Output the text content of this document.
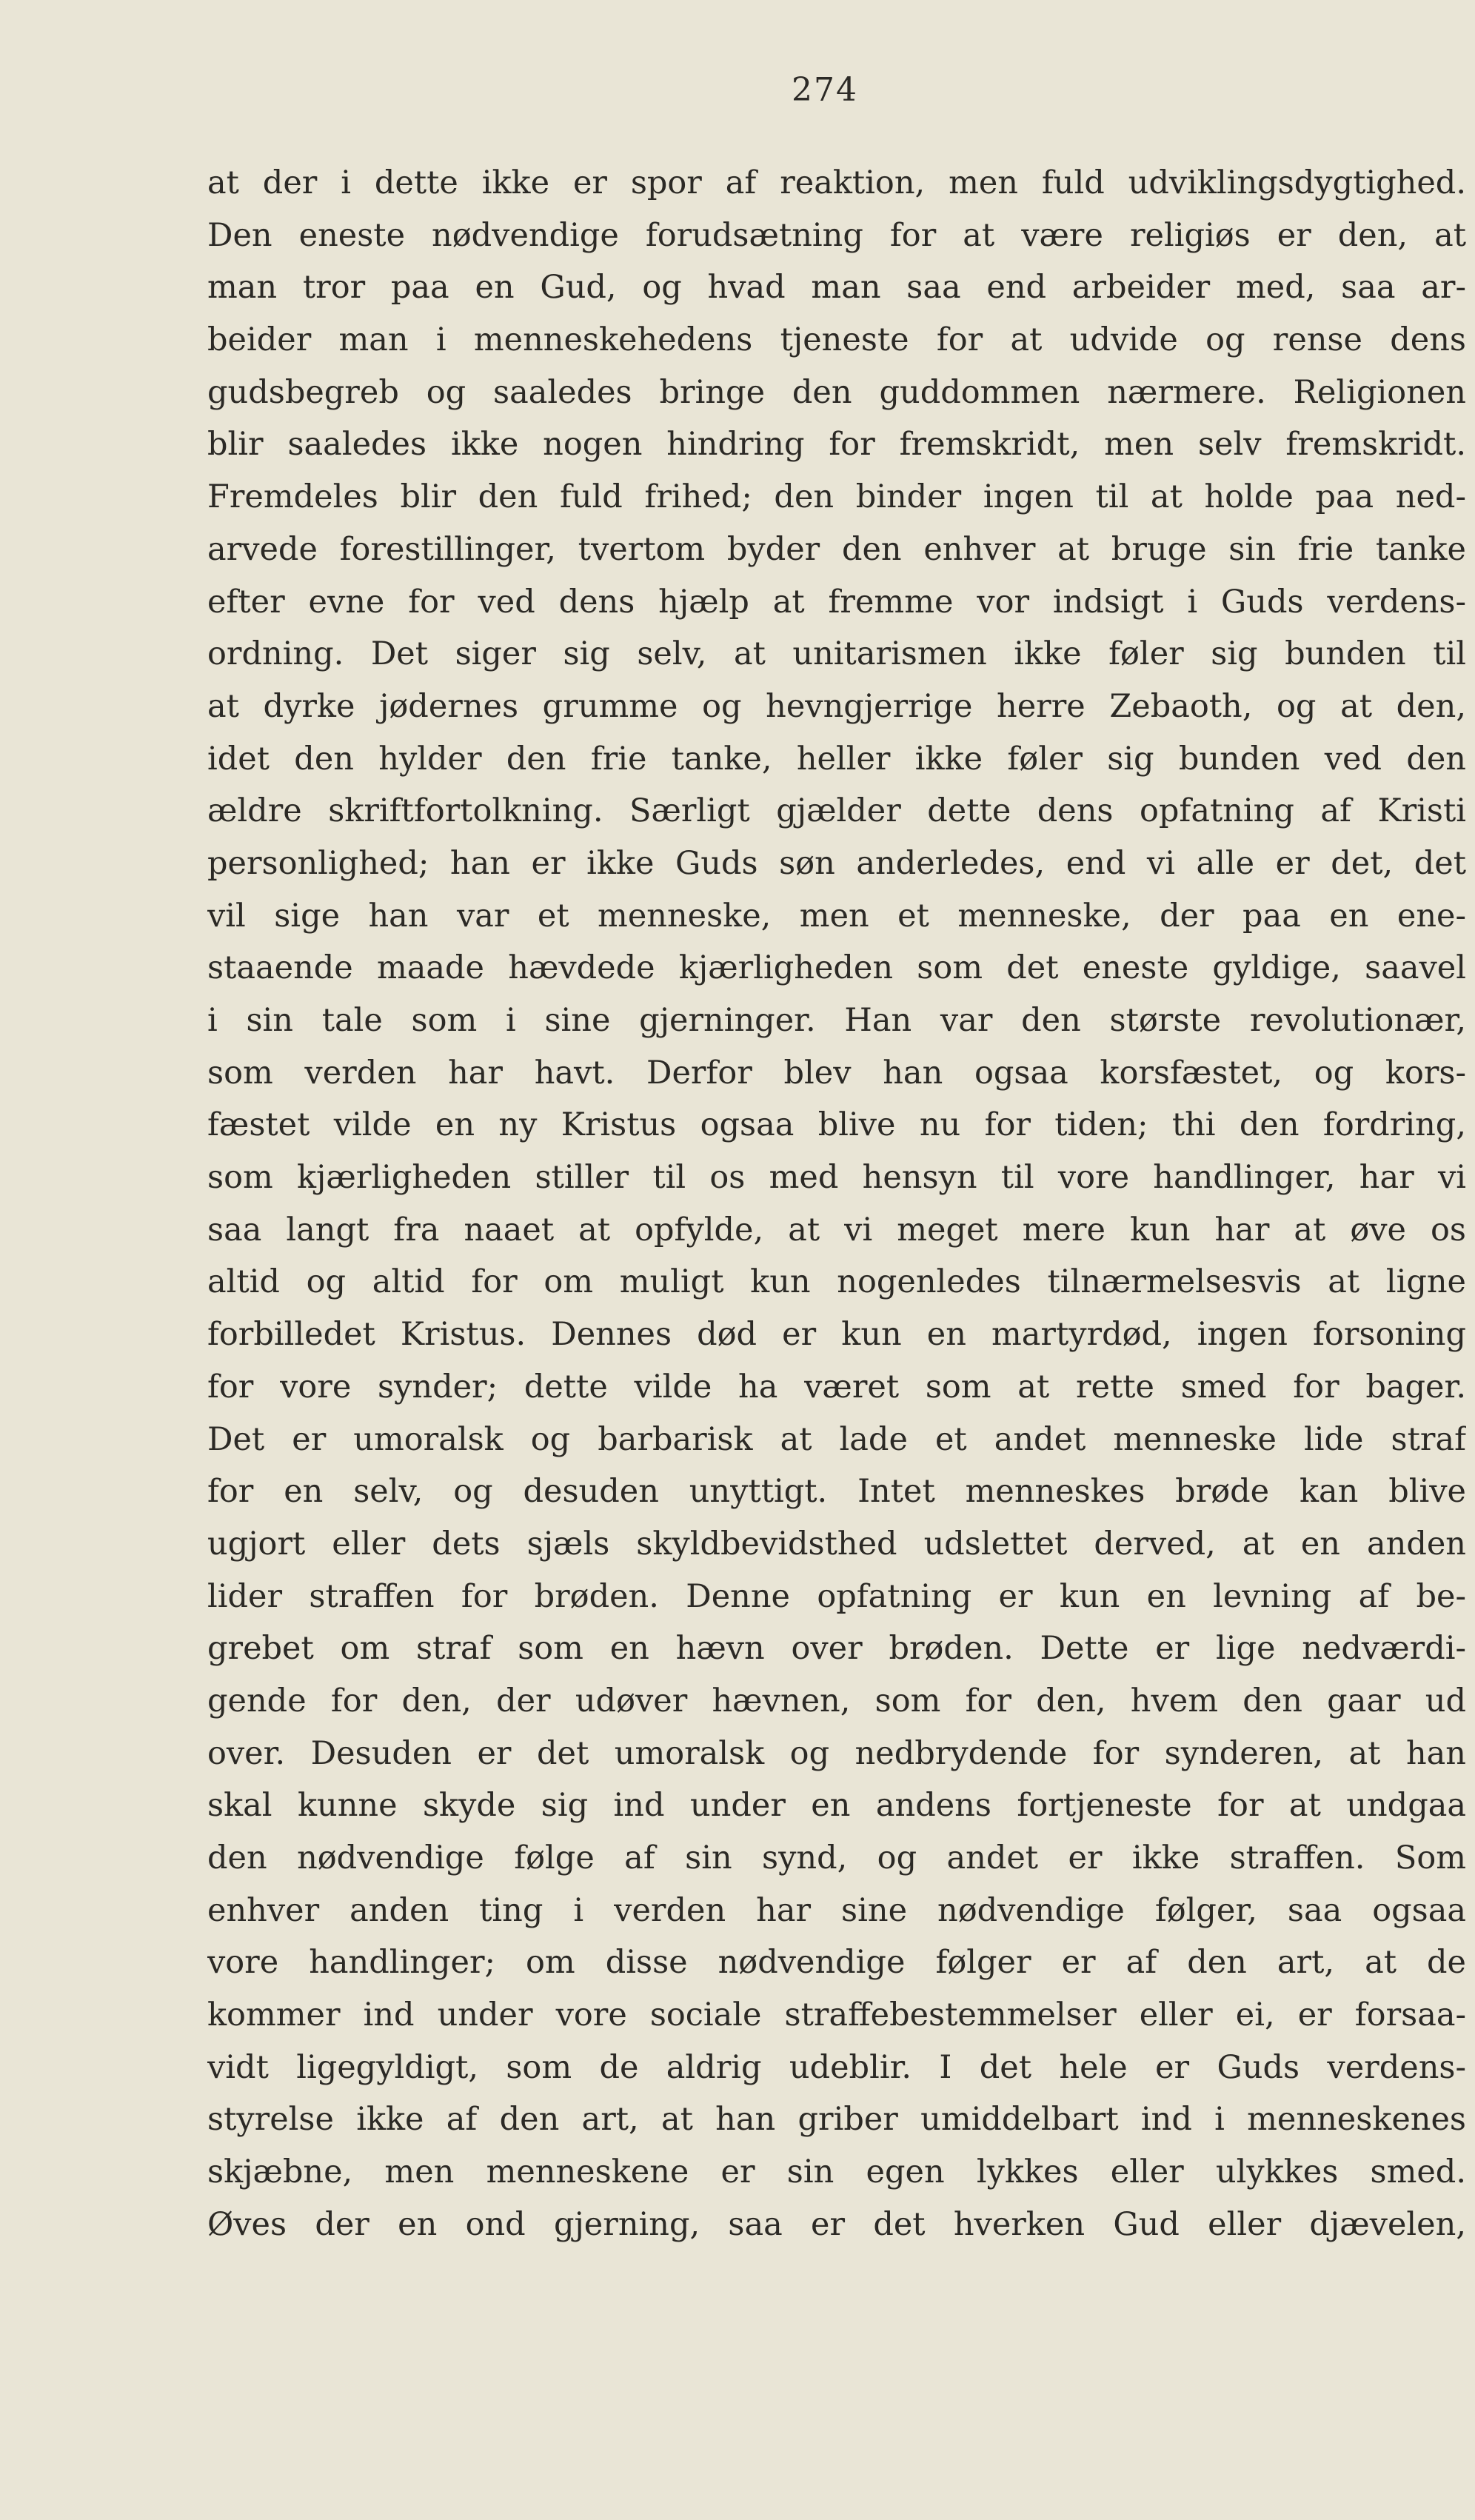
274
at der i dette ikke er spor af reaktion, men fuld udviklingsdygtighed.
Den eneste nødvendige forudsætning for at være religiøs er den, at
man tror paa en Gud, og hvad man saa end arbeider med, saa ar-
beider man i menneskehedens tjeneste for at udvide og rense dens
gudsbegreb og saaledes bringe den guddommen nærmere. Religionen
blir saaledes ikke nogen hindring for fremskridt, men selv fremskridt.
Fremdeles blir den fuld frihed; den binder ingen til at holde paa ned-
arvede forestillinger, tvertom byder den enhver at bruge sin frie tanke
efter evne for ved dens hjælp at fremme vor indsigt i Guds verdens-
ordning. Det siger sig selv, at unitarismen ikke føler sig bunden til
at dyrke jødernes grumme og hevngjerrige herre Zebaoth, og at den,
idet den hylder den frie tanke, heller ikke føler sig bunden ved den
ældre skriftfortolkning. Særligt gjælder dette dens opfatning af Kristi
personlighed; han er ikke Guds søn anderledes, end vi alle er det, det
vil sige han var et menneske, men et menneske, der paa en ene-
staaende maade hævdede kjærligheden som det eneste gyldige, saavel
i sin tale som i sine gjerninger. Han var den største revolutionær,
som verden har havt. Derfor blev han ogsaa korsfæstet, og kors-
fæstet vilde en ny Kristus ogsaa blive nu for tiden; thi den fordring,
som kjærligheden stiller til os med hensyn til vore handlinger, har vi
saa langt fra naaet at opfylde, at vi meget mere kun har at øve os
altid og altid for om muligt kun nogenledes tilnærmelsesvis at ligne
forbilledet Kristus. Dennes død er kun en martyrdød, ingen forsoning
for vore synder; dette vilde ha været som at rette smed for bager.
Det er umoralsk og barbarisk at lade et andet menneske lide straf
for en selv, og desuden unyttigt. Intet menneskes brøde kan blive
ugjort eller dets sjæls skyldbevidsthed udslettet derved, at en anden
lider straffen for brøden. Denne opfatning er kun en levning af be-
grebet om straf som en hævn over brøden. Dette er lige nedværdi-
gende for den, der udøver hævnen, som for den, hvem den gaar ud
over. Desuden er det umoralsk og nedbrydende for synderen, at han
skal kunne skyde sig ind under en andens fortjeneste for at undgaa
den nødvendige følge af sin synd, og andet er ikke straffen. Som
enhver anden ting i verden har sine nødvendige følger, saa ogsaa
vore handlinger; om disse nødvendige følger er af den art, at de
kommer ind under vore sociale straffebestemmelser eller ei, er forsaa-
vidt ligegyldigt, som de aldrig udeblir. I det hele er Guds verdens-
styrelse ikke af den art, at han griber umiddelbart ind i menneskenes
skjæbne, men menneskene er sin egen lykkes eller ulykkes smed.
Øves der en ond gjerning, saa er det hverken Gud eller djævelen,
